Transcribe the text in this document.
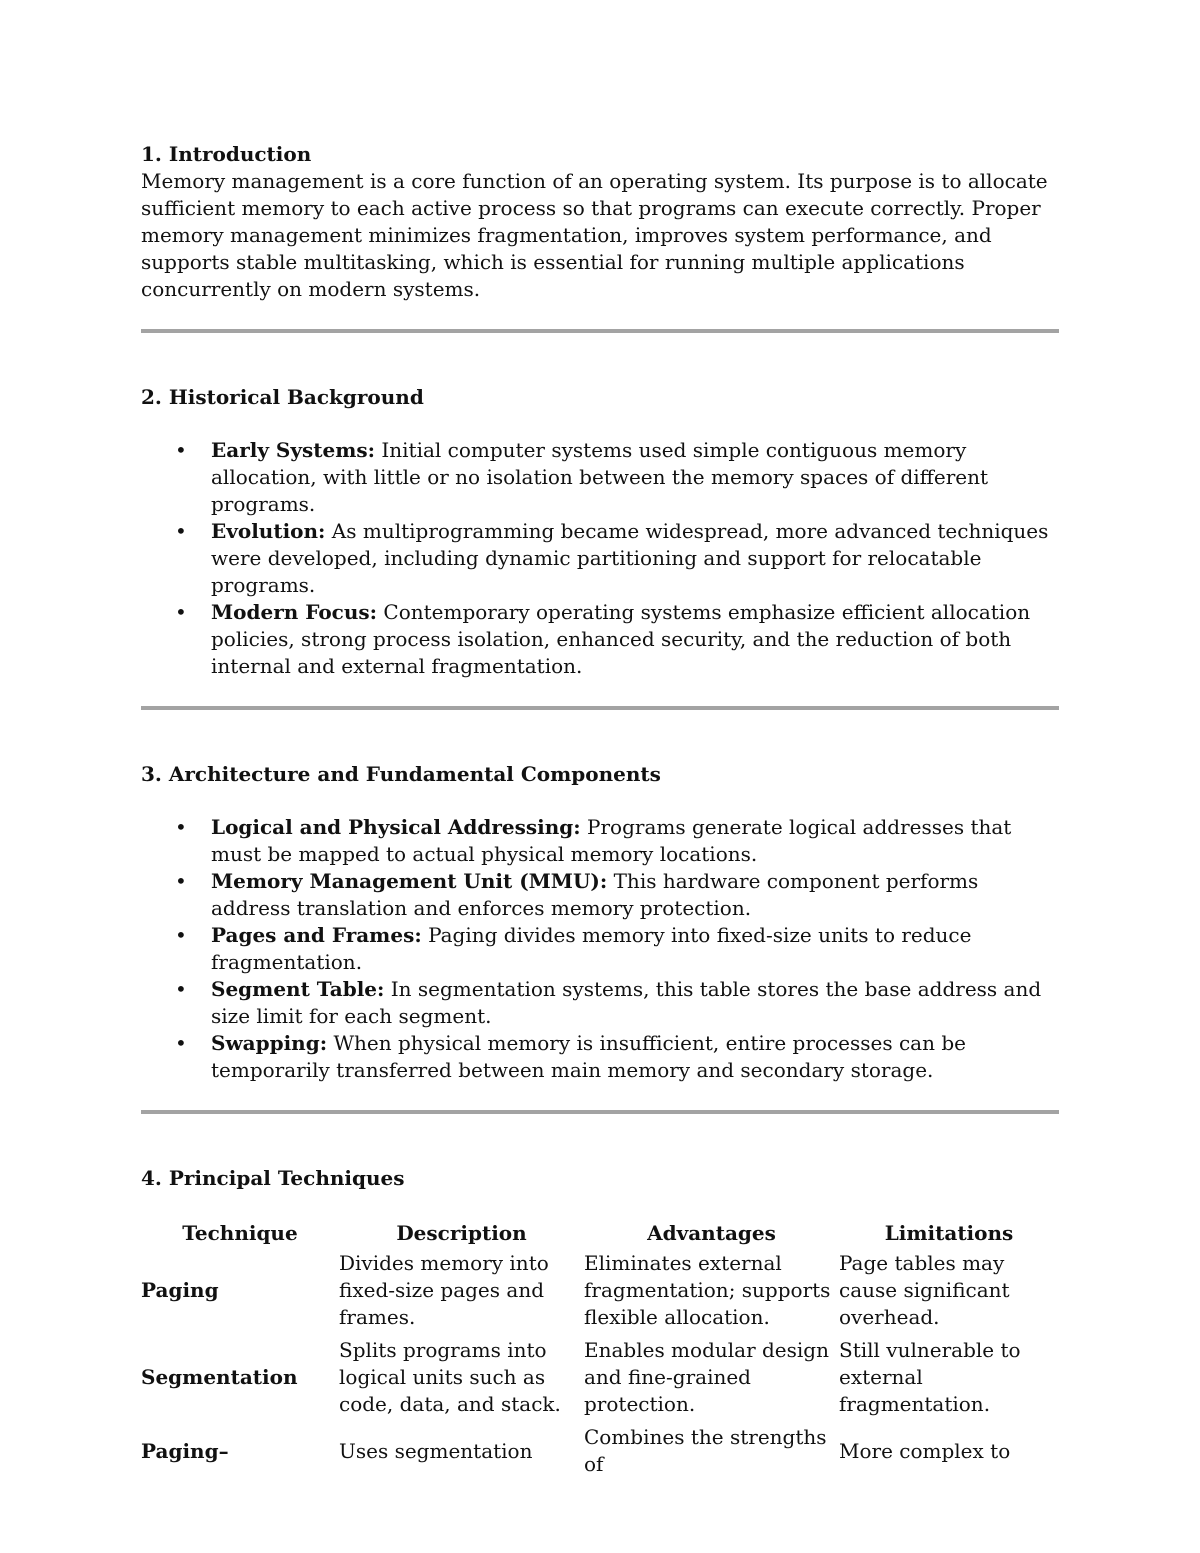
1. Introduction

Memory management is a core function of an operating system. Its purpose is to allocate sufficient memory to each active process so that programs can execute correctly. Proper memory management minimizes fragmentation, improves system performance, and supports stable multitasking, which is essential for running multiple applications concurrently on modern systems.

2. Historical Background
• Early Systems: Initial computer systems used simple contiguous memory allocation, with little or no isolation between the memory spaces of different programs.
• Evolution: As multiprogramming became widespread, more advanced techniques were developed, including dynamic partitioning and support for relocatable programs.
• Modern Focus: Contemporary operating systems emphasize efficient allocation policies, strong process isolation, enhanced security, and the reduction of both internal and external fragmentation.
3. Architecture and Fundamental Components
• Logical and Physical Addressing: Programs generate logical addresses that must be mapped to actual physical memory locations.
• Memory Management Unit (MMU): This hardware component performs address translation and enforces memory protection.
• Pages and Frames: Paging divides memory into fixed-size units to reduce fragmentation.
• Segment Table: In segmentation systems, this table stores the base address and size limit for each segment.
• Swapping: When physical memory is insufficient, entire processes can be temporarily transferred between main memory and secondary storage.
4. Principal Techniques
Technique	Description	Advantages	Limitations
Paging	Divides memory into fixed-size pages and frames.	Eliminates external fragmentation; supports flexible allocation.	Page tables may cause significant overhead.
Segmentation	Splits programs into logical units such as code, data, and stack.	Enables modular design and fine-grained protection.	Still vulnerable to external fragmentation.
Paging–	Uses segmentation	Combines the strengths of	More complex to
